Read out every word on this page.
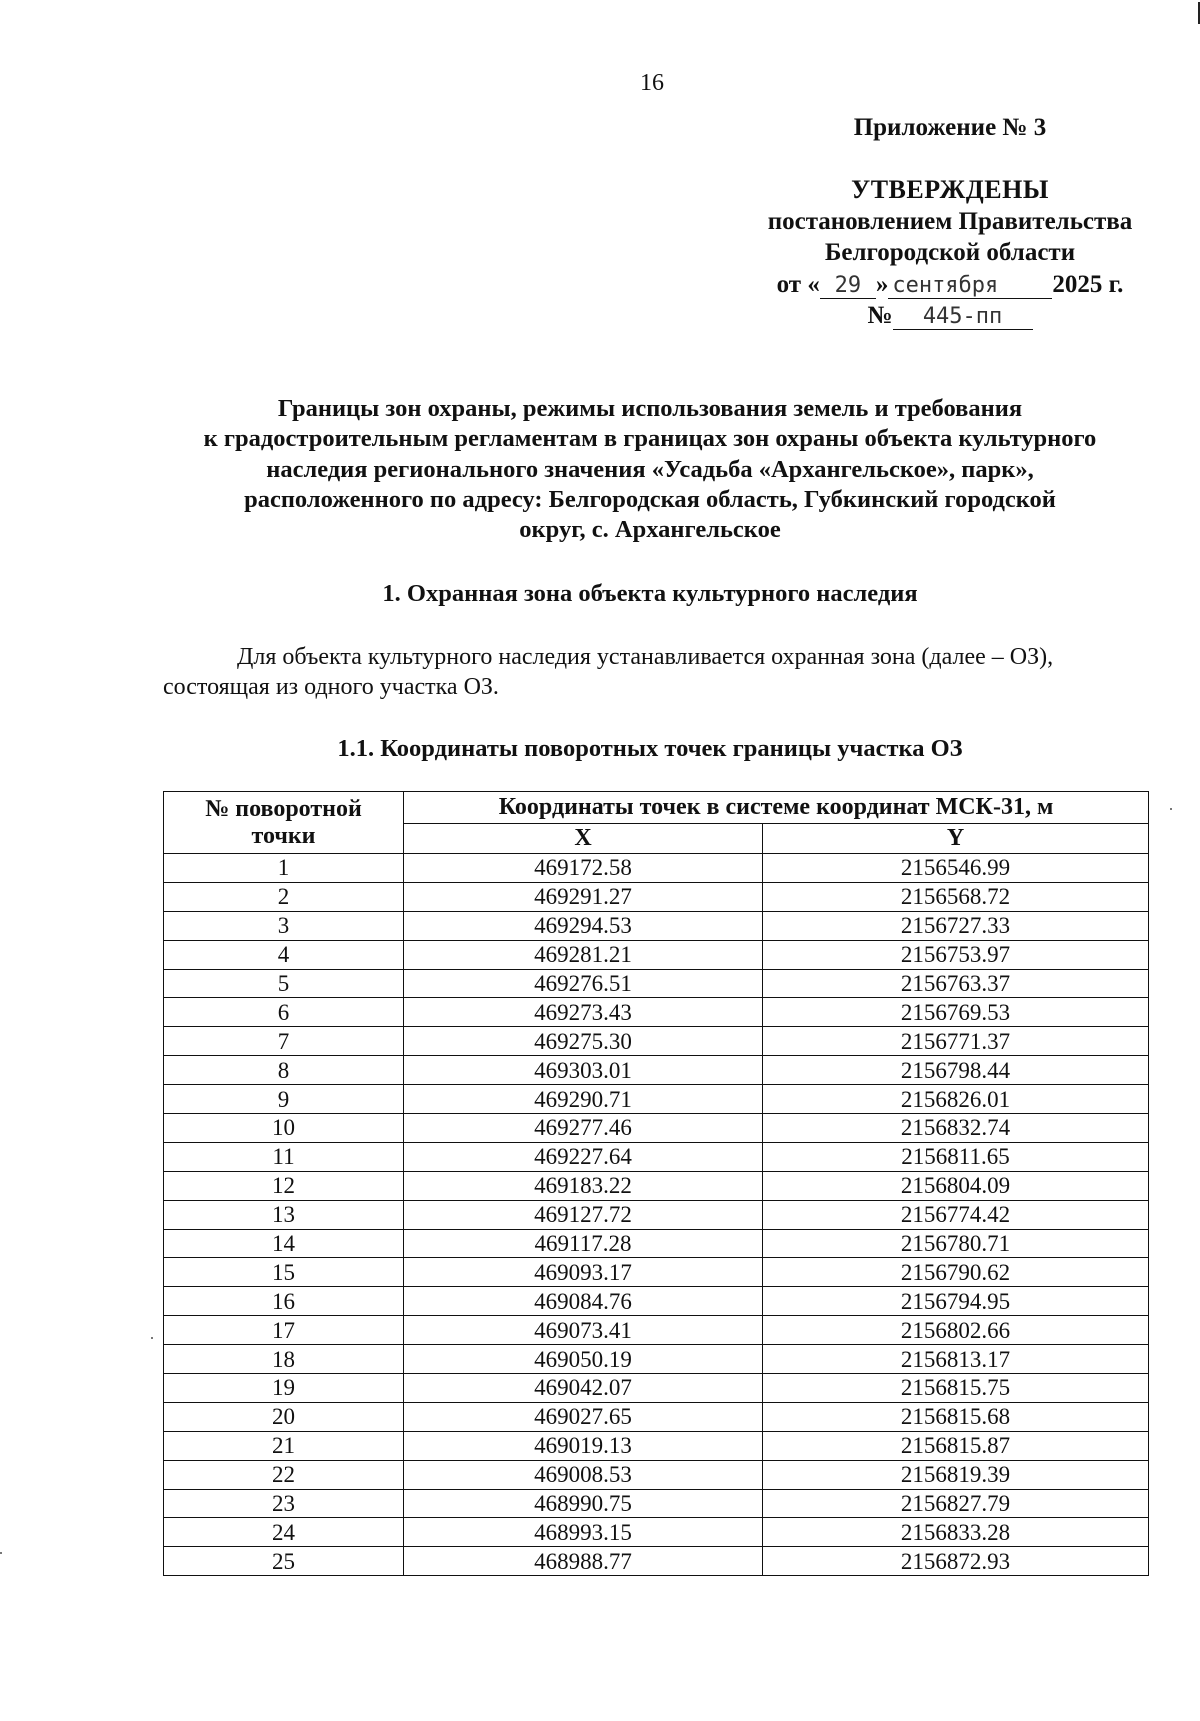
16
Приложение № 3
УТВЕРЖДЕНЫ
постановлением Правительства
Белгородской области
от « 29 » сентября 2025 г.
№ 445-пп
Границы зон охраны, режимы использования земель и требования
к градостроительным регламентам в границах зон охраны объекта культурного
наследия регионального значения «Усадьба «Архангельское», парк»,
расположенного по адресу: Белгородская область, Губкинский городской
округ, с. Архангельское
1. Охранная зона объекта культурного наследия
Для объекта культурного наследия устанавливается охранная зона (далее – ОЗ),
состоящая из одного участка ОЗ.
1.1. Координаты поворотных точек границы участка ОЗ
№ поворотной
точки	Координаты точек в системе координат МСК-31, м	
	X	Y
1	469172.58	2156546.99
2	469291.27	2156568.72
3	469294.53	2156727.33
4	469281.21	2156753.97
5	469276.51	2156763.37
6	469273.43	2156769.53
7	469275.30	2156771.37
8	469303.01	2156798.44
9	469290.71	2156826.01
10	469277.46	2156832.74
11	469227.64	2156811.65
12	469183.22	2156804.09
13	469127.72	2156774.42
14	469117.28	2156780.71
15	469093.17	2156790.62
16	469084.76	2156794.95
17	469073.41	2156802.66
18	469050.19	2156813.17
19	469042.07	2156815.75
20	469027.65	2156815.68
21	469019.13	2156815.87
22	469008.53	2156819.39
23	468990.75	2156827.79
24	468993.15	2156833.28
25	468988.77	2156872.93
